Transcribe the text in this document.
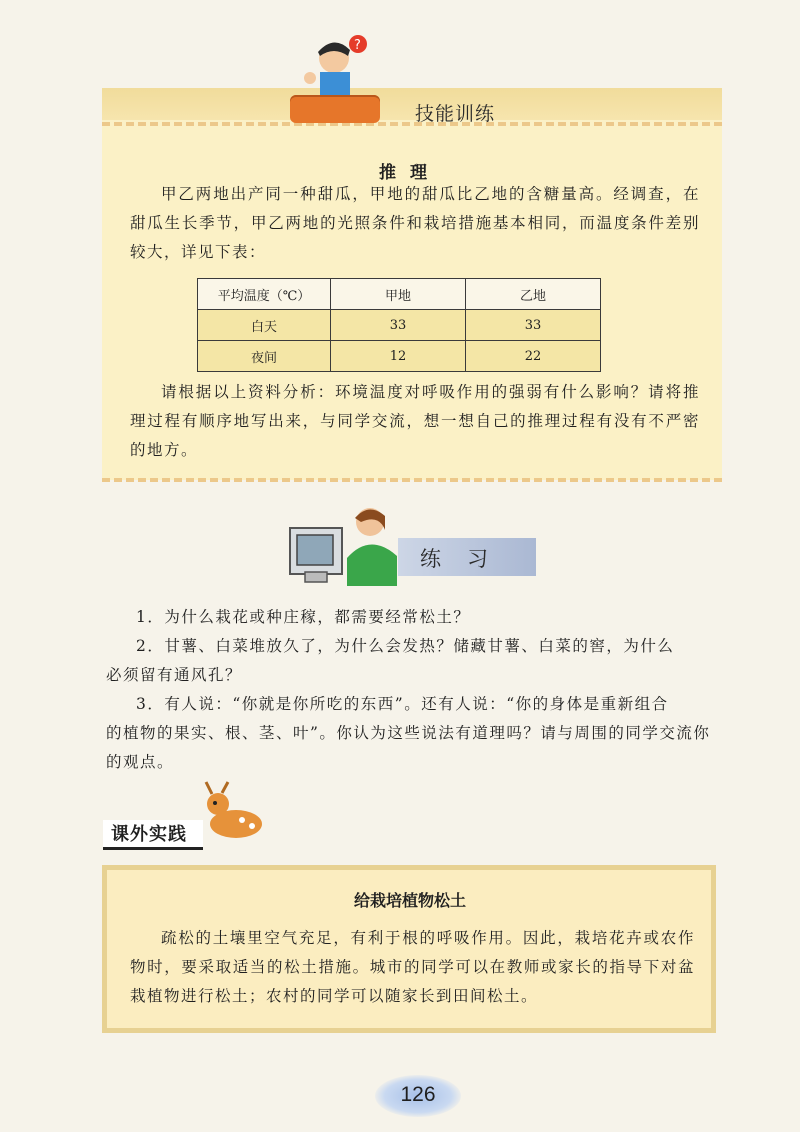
?
技能训练
推理
甲乙两地出产同一种甜瓜，甲地的甜瓜比乙地的含糖量高。经调查，在甜瓜生长季节，甲乙两地的光照条件和栽培措施基本相同，而温度条件差别较大，详见下表：
平均温度（℃）	甲地	乙地
白天	33	33
夜间	12	22
请根据以上资料分析：环境温度对呼吸作用的强弱有什么影响？请将推理过程有顺序地写出来，与同学交流，想一想自己的推理过程有没有不严密的地方。
练习
1．为什么栽花或种庄稼，都需要经常松土？
2．甘薯、白菜堆放久了，为什么会发热？储藏甘薯、白菜的窖，为什么
必须留有通风孔？
3．有人说：“你就是你所吃的东西”。还有人说：“你的身体是重新组合
的植物的果实、根、茎、叶”。你认为这些说法有道理吗？请与周围的同学交流你的观点。
课外实践
给栽培植物松土
疏松的土壤里空气充足，有利于根的呼吸作用。因此，栽培花卉或农作物时，要采取适当的松土措施。城市的同学可以在教师或家长的指导下对盆栽植物进行松土；农村的同学可以随家长到田间松土。
126
